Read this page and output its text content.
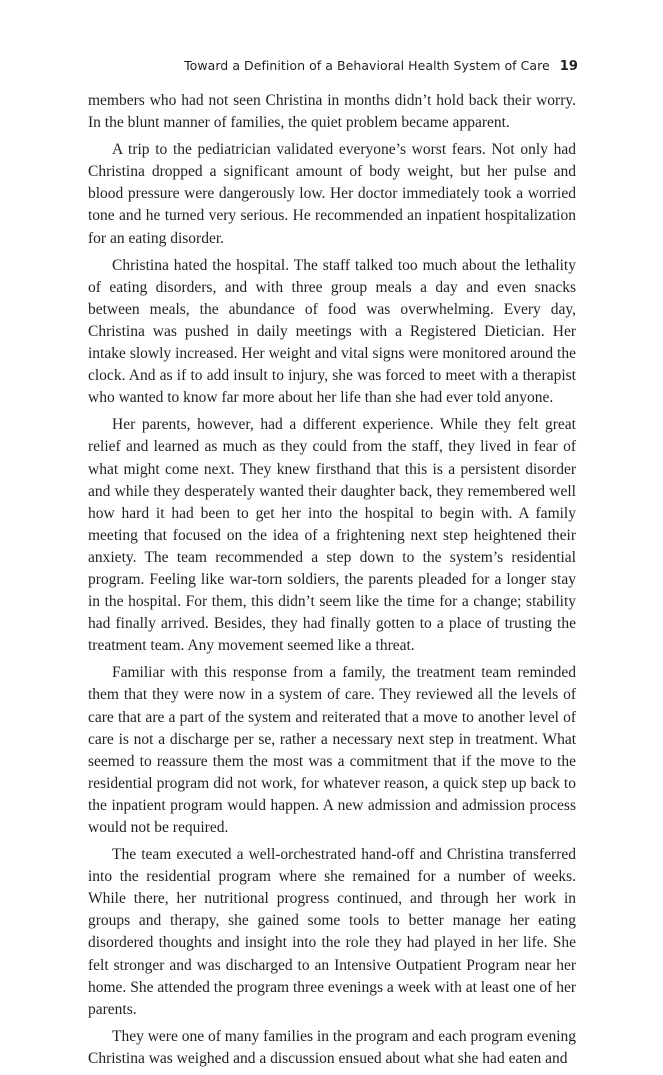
Toward a Definition of a Behavioral Health System of Care 19

members who had not seen Christina in months didn’t hold back their worry. In the blunt manner of families, the quiet problem became apparent.

A trip to the pediatrician validated everyone’s worst fears. Not only had Christina dropped a significant amount of body weight, but her pulse and blood pressure were dangerously low. Her doctor immediately took a worried tone and he turned very serious. He recommended an inpatient hospitalization for an eating disorder.

Christina hated the hospital. The staff talked too much about the lethality of eating disorders, and with three group meals a day and even snacks between meals, the abundance of food was overwhelming. Every day, Christina was pushed in daily meetings with a Registered Dietician. Her intake slowly increased. Her weight and vital signs were monitored around the clock. And as if to add insult to injury, she was forced to meet with a therapist who wanted to know far more about her life than she had ever told anyone.

Her parents, however, had a different experience. While they felt great relief and learned as much as they could from the staff, they lived in fear of what might come next. They knew firsthand that this is a persistent disorder and while they desperately wanted their daughter back, they remembered well how hard it had been to get her into the hospital to begin with. A family meeting that focused on the idea of a frightening next step heightened their anxiety. The team recommended a step down to the system’s residential program. Feeling like war-torn soldiers, the parents pleaded for a longer stay in the hospital. For them, this didn’t seem like the time for a change; stability had finally arrived. Besides, they had finally gotten to a place of trusting the treatment team. Any movement seemed like a threat.

Familiar with this response from a family, the treatment team reminded them that they were now in a system of care. They reviewed all the levels of care that are a part of the system and reiterated that a move to another level of care is not a discharge per se, rather a necessary next step in treatment. What seemed to reassure them the most was a commitment that if the move to the residential program did not work, for whatever reason, a quick step up back to the inpatient program would happen. A new admission and admission process would not be required.

The team executed a well-orchestrated hand-off and Christina transferred into the residential program where she remained for a number of weeks. While there, her nutritional progress continued, and through her work in groups and therapy, she gained some tools to better manage her eating disordered thoughts and insight into the role they had played in her life. She felt stronger and was discharged to an Intensive Outpatient Program near her home. She attended the program three evenings a week with at least one of her parents.

They were one of many families in the program and each program evening Christina was weighed and a discussion ensued about what she had eaten and
